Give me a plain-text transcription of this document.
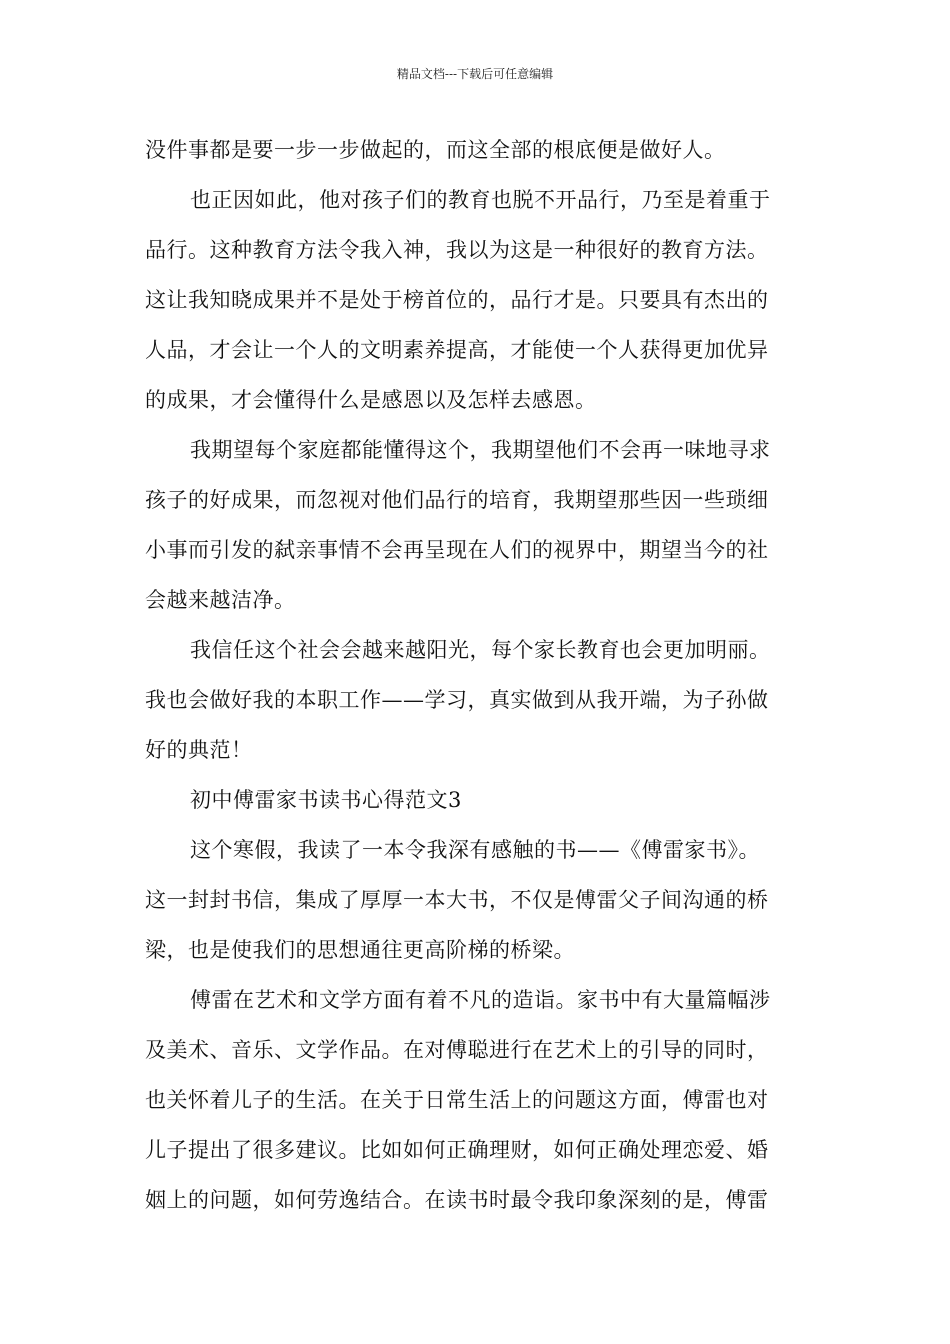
精品文档---下载后可任意编辑
没件事都是要一步一步做起的，而这全部的根底便是做好人。
也正因如此，他对孩子们的教育也脱不开品行，乃至是着重于
品行。这种教育方法令我入神，我以为这是一种很好的教育方法。
这让我知晓成果并不是处于榜首位的，品行才是。只要具有杰出的
人品，才会让一个人的文明素养提高，才能使一个人获得更加优异
的成果，才会懂得什么是感恩以及怎样去感恩。
我期望每个家庭都能懂得这个，我期望他们不会再一味地寻求
孩子的好成果，而忽视对他们品行的培育，我期望那些因一些琐细
小事而引发的弑亲事情不会再呈现在人们的视界中，期望当今的社
会越来越洁净。
我信任这个社会会越来越阳光，每个家长教育也会更加明丽。
我也会做好我的本职工作——学习，真实做到从我开端，为子孙做
好的典范！
初中傅雷家书读书心得范文3
这个寒假，我读了一本令我深有感触的书——《傅雷家书》。
这一封封书信，集成了厚厚一本大书，不仅是傅雷父子间沟通的桥
梁，也是使我们的思想通往更高阶梯的桥梁。
傅雷在艺术和文学方面有着不凡的造诣。家书中有大量篇幅涉
及美术、音乐、文学作品。在对傅聪进行在艺术上的引导的同时，
也关怀着儿子的生活。在关于日常生活上的问题这方面，傅雷也对
儿子提出了很多建议。比如如何正确理财，如何正确处理恋爱、婚
姻上的问题，如何劳逸结合。在读书时最令我印象深刻的是，傅雷
